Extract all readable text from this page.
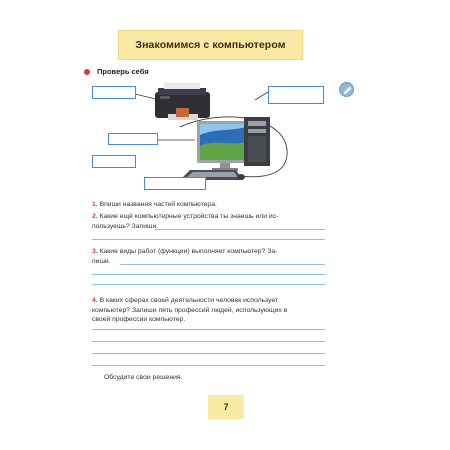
Знакомимся с компьютером
Проверь себя
1. Впиши названия частей компьютера.
2. Какие ещё компьютерные устройства ты знаешь или ис-
пользуешь? Запиши.
3. Какие виды работ (функции) выполняет компьютер? За-
пиши.
4. В каких сферах своей деятельности человек использует
компьютер? Запиши пять профессий людей, использующих в
своей профессии компьютер.
Обсудите свои решения.
7
